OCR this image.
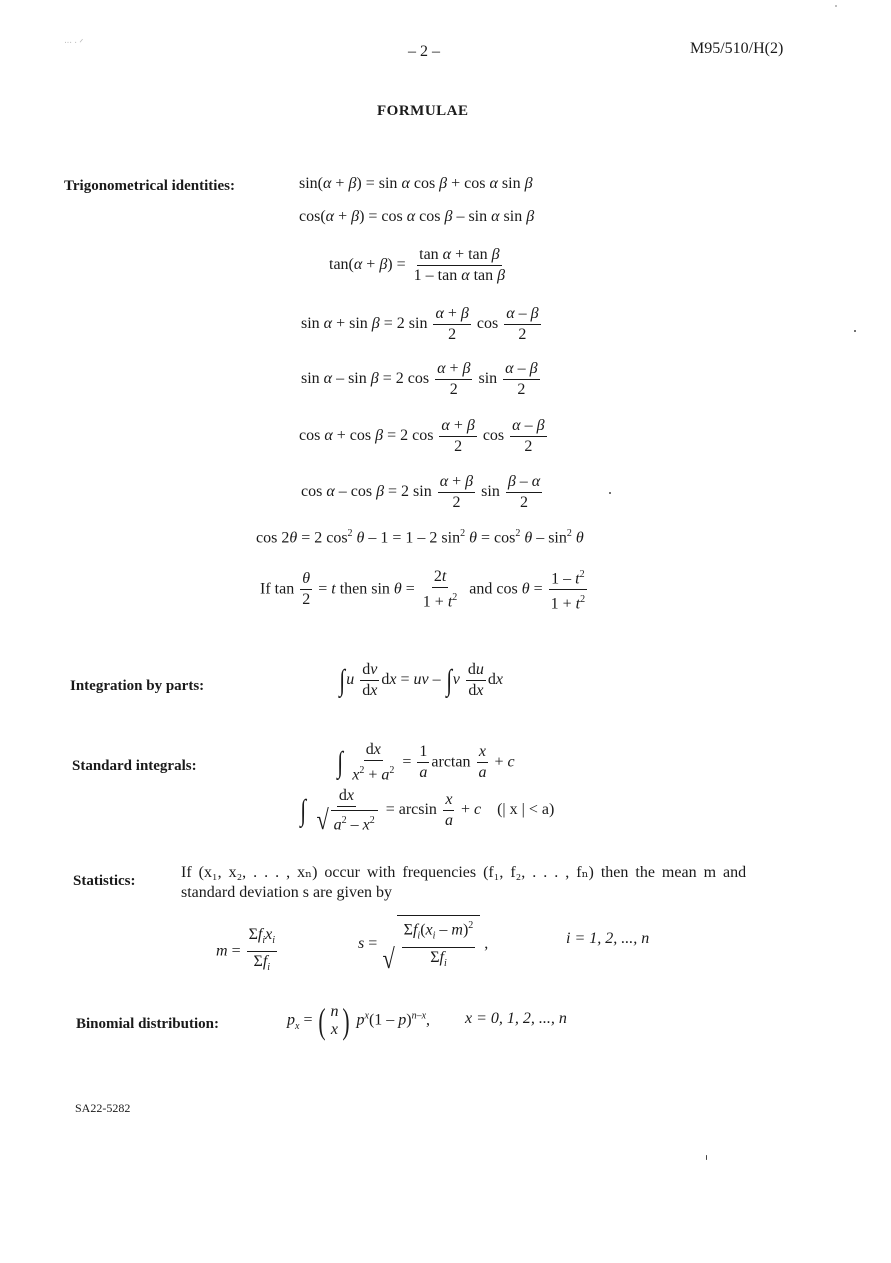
ᐧᐧᐧ ᐧ ᐟ	– 2 –	M95/510/H(2)
FORMULAE
Trigonometrical identities:	sin(α + β) = sin α cos β + cos α sin β
cos(α + β) = cos α cos β – sin α sin β
$\tan(\alpha + \beta) = \frac{\text{tan α + tan β}}{\text{1 – tan α tan β}}$
sin α + sin β = 2 $\sin \frac{\alpha + \beta}{2}$ $\cos \frac{\alpha - \beta}{2}$
sin α – sin β = 2 $\cos \frac{\alpha + \beta}{2}$ $\sin \frac{\alpha - \beta}{2}$
cos α + cos β = 2 $\cos \frac{\alpha + \beta}{2}$ $\cos \frac{\alpha - \beta}{2}$
cos α – cos β = 2 $\sin \frac{\alpha + \beta}{2}$ $\sin \frac{\beta - \alpha}{2}$
cos 2θ = 2 $\cos^2 \theta - 1 = 1 - 2$ $\sin^2 \theta = \cos^2 \theta - \sin^2 \theta$
If $\tan \frac{\theta}{2} = t$ then $\sin \theta = \frac{2t}{1 + t^2}$ and $\cos \theta = \frac{1 - t^2}{1 + t^2}$
Integration by parts:	$\int u \frac{dv}{dx}$ dx = uv – $\int v \frac{du}{dx}$ dx
Standard integrals:	∫ $\frac{dx}{x^2 + a^2} = \frac{1}{a}$ $\arctan \frac{x}{a} + c$
∫ $\frac{dx}{√ a^2 - x^2} = \arcsin \frac{x}{a} + c$ (| x | < a)
Statistics:	If (x₁, x₂, . . . , xₙ) occur with frequencies (f₁, f₂, . . . , fₙ) then the mean m and
standard deviation s are given by
$m = \frac{\Sigma f_ix_i}{\Sigma f_i}$	s =
√ $\frac{\Sigma f_i(x_i - m)^2}{\Sigma f_i}$ ,	i = 1, 2, ..., n
Binomial distribution:	$p_x$ = ( n
x ) $p^x(1 - p)^{n-x}$, x = 0, 1, 2, ..., n
SA22-5282
